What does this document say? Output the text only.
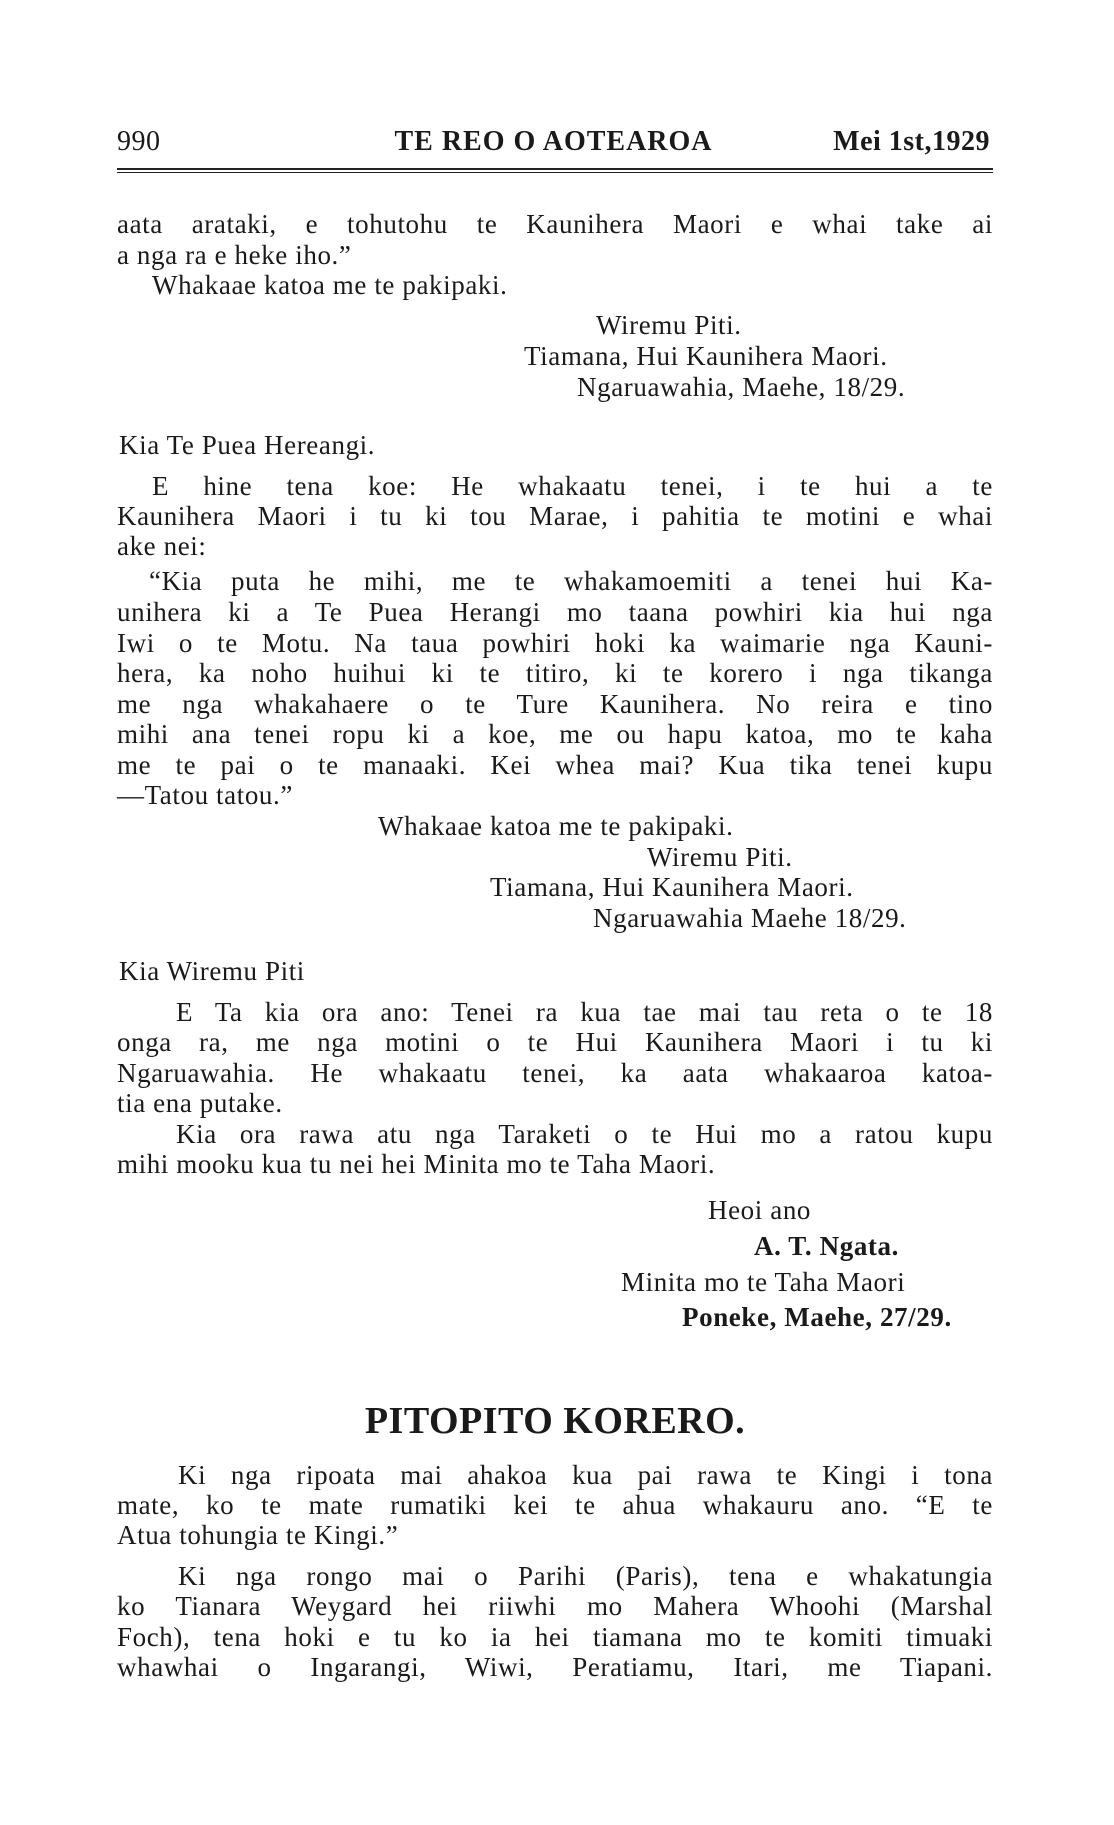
990	TE REO O AOTEAROA	Mei 1st,1929
aata arataki, e tohutohu te Kaunihera Maori e whai take ai
a nga ra e heke iho.”
Whakaae katoa me te pakipaki.
Wiremu Piti.
Tiamana, Hui Kaunihera Maori.
Ngaruawahia, Maehe, 18/29.
Kia Te Puea Hereangi.
E hine tena koe: He whakaatu tenei, i te hui a te
Kaunihera Maori i tu ki tou Marae, i pahitia te motini e whai
ake nei:
“Kia puta he mihi, me te whakamoemiti a tenei hui Ka-
unihera ki a Te Puea Herangi mo taana powhiri kia hui nga
Iwi o te Motu. Na taua powhiri hoki ka waimarie nga Kauni-
hera, ka noho huihui ki te titiro, ki te korero i nga tikanga
me nga whakahaere o te Ture Kaunihera. No reira e tino
mihi ana tenei ropu ki a koe, me ou hapu katoa, mo te kaha
me te pai o te manaaki. Kei whea mai? Kua tika tenei kupu
—Tatou tatou.”
Whakaae katoa me te pakipaki.
Wiremu Piti.
Tiamana, Hui Kaunihera Maori.
Ngaruawahia Maehe 18/29.
Kia Wiremu Piti
E Ta kia ora ano: Tenei ra kua tae mai tau reta o te 18
onga ra, me nga motini o te Hui Kaunihera Maori i tu ki
Ngaruawahia. He whakaatu tenei, ka aata whakaaroa katoa-
tia ena putake.
Kia ora rawa atu nga Taraketi o te Hui mo a ratou kupu
mihi mooku kua tu nei hei Minita mo te Taha Maori.
Heoi ano
A. T. Ngata.
Minita mo te Taha Maori
Poneke, Maehe, 27/29.
PITOPITO KORERO.
Ki nga ripoata mai ahakoa kua pai rawa te Kingi i tona
mate, ko te mate rumatiki kei te ahua whakauru ano. “E te
Atua tohungia te Kingi.”
Ki nga rongo mai o Parihi (Paris), tena e whakatungia
ko Tianara Weygard hei riiwhi mo Mahera Whoohi (Marshal
Foch), tena hoki e tu ko ia hei tiamana mo te komiti timuaki
whawhai o Ingarangi, Wiwi, Peratiamu, Itari, me Tiapani.
